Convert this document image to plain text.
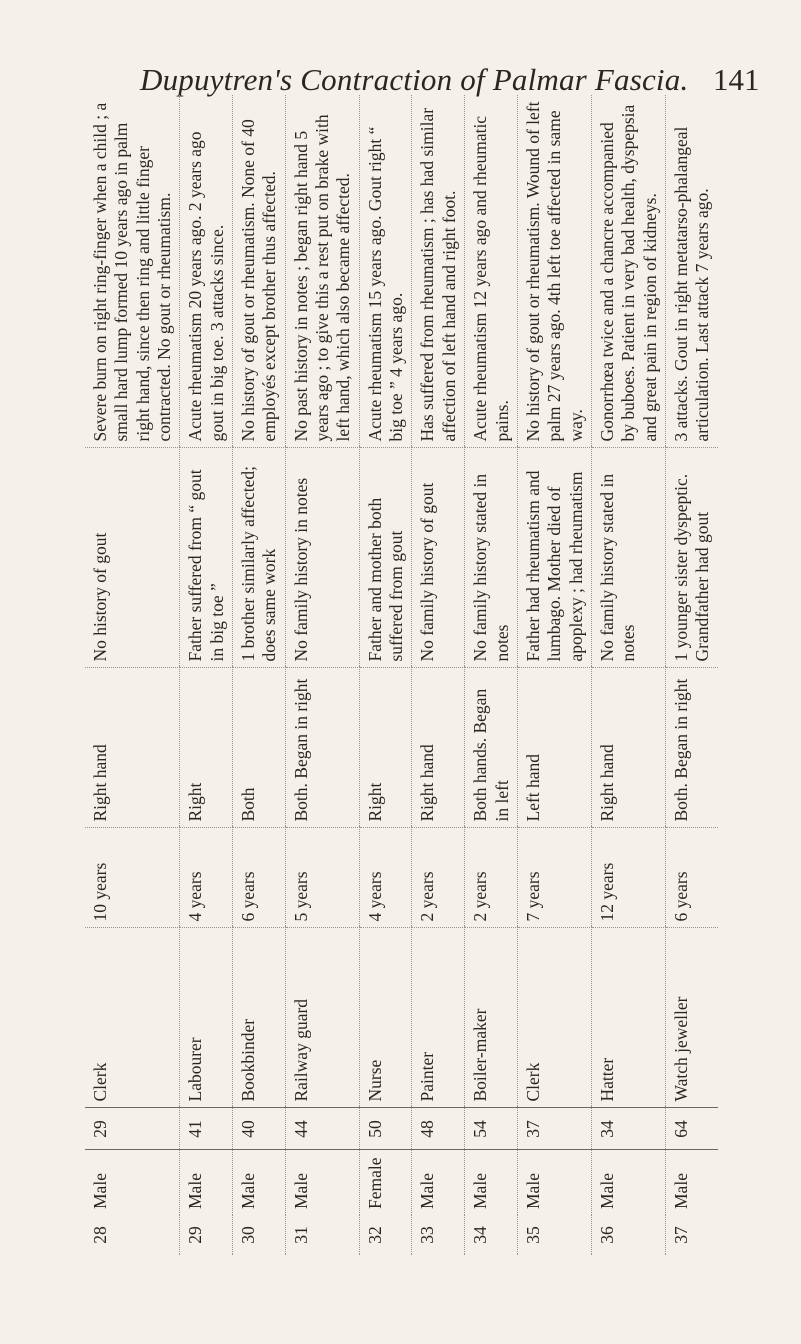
Dupuytren's Contraction of Palmar Fascia. 141
28	Male	29	Clerk	10 years	Right hand	No history of gout	Severe burn on right ring-finger when a child ; a small hard lump formed 10 years ago in palm right hand, since then ring and little finger contracted. No gout or rheumatism.
29	Male	41	Labourer	4 years	Right	Father suffered from “ gout in big toe ”	Acute rheumatism 20 years ago. 2 years ago gout in big toe. 3 attacks since.
30	Male	40	Bookbinder	6 years	Both	1 brother similarly affected; does same work	No history of gout or rheumatism. None of 40 employés except brother thus affected.
31	Male	44	Railway guard	5 years	Both. Began in right	No family history in notes	No past history in notes ; began right hand 5 years ago ; to give this a rest put on brake with left hand, which also became affected.
32	Female	50	Nurse	4 years	Right	Father and mother both suffered from gout	Acute rheumatism 15 years ago. Gout right “ big toe ” 4 years ago.
33	Male	48	Painter	2 years	Right hand	No family history of gout	Has suffered from rheumatism ; has had similar affection of left hand and right foot.
34	Male	54	Boiler-maker	2 years	Both hands. Began in left	No family history stated in notes	Acute rheumatism 12 years ago and rheumatic pains.
35	Male	37	Clerk	7 years	Left hand	Father had rheumatism and lumbago. Mother died of apoplexy ; had rheumatism	No history of gout or rheumatism. Wound of left palm 27 years ago. 4th left toe affected in same way.
36	Male	34	Hatter	12 years	Right hand	No family history stated in notes	Gonorrhœa twice and a chancre accompanied by buboes. Patient in very bad health, dyspepsia and great pain in region of kidneys.
37	Male	64	Watch jeweller	6 years	Both. Began in right	1 younger sister dyspeptic. Grandfather had gout	3 attacks. Gout in right metatarso-phalangeal articulation. Last attack 7 years ago.
